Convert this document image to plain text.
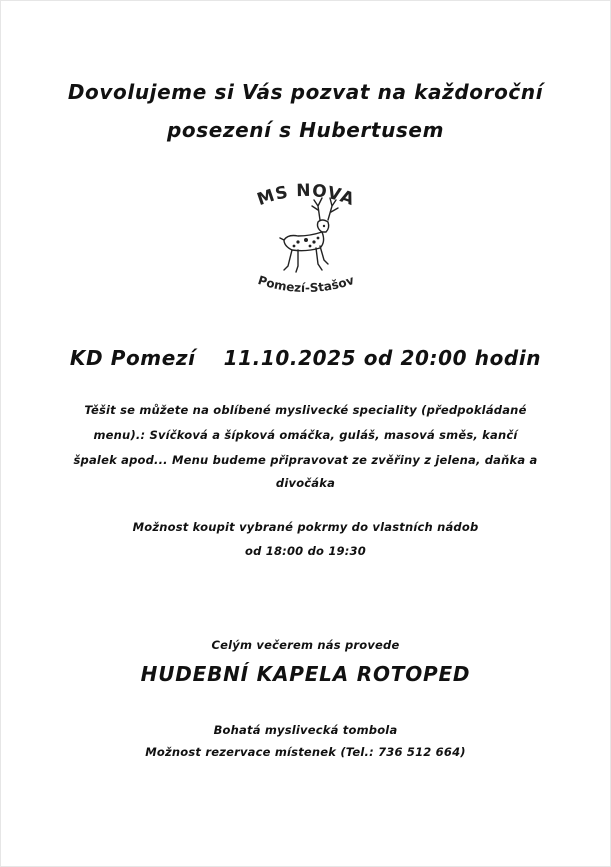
Dovolujeme si Vás pozvat na každoroční
posezení s Hubertusem
MS NOVA
Pomezí-Stašov
KD Pomezí 11.10.2025 od 20:00 hodin
Těšit se můžete na oblíbené myslivecké speciality (předpokládané
menu).: Svíčková a šípková omáčka, guláš, masová směs, kančí
špalek apod... Menu budeme připravovat ze zvěřiny z jelena, daňka a
divočáka
Možnost koupit vybrané pokrmy do vlastních nádob
od 18:00 do 19:30
Celým večerem nás provede
HUDEBNÍ KAPELA ROTOPED
Bohatá myslivecká tombola
Možnost rezervace místenek (Tel.: 736 512 664)
